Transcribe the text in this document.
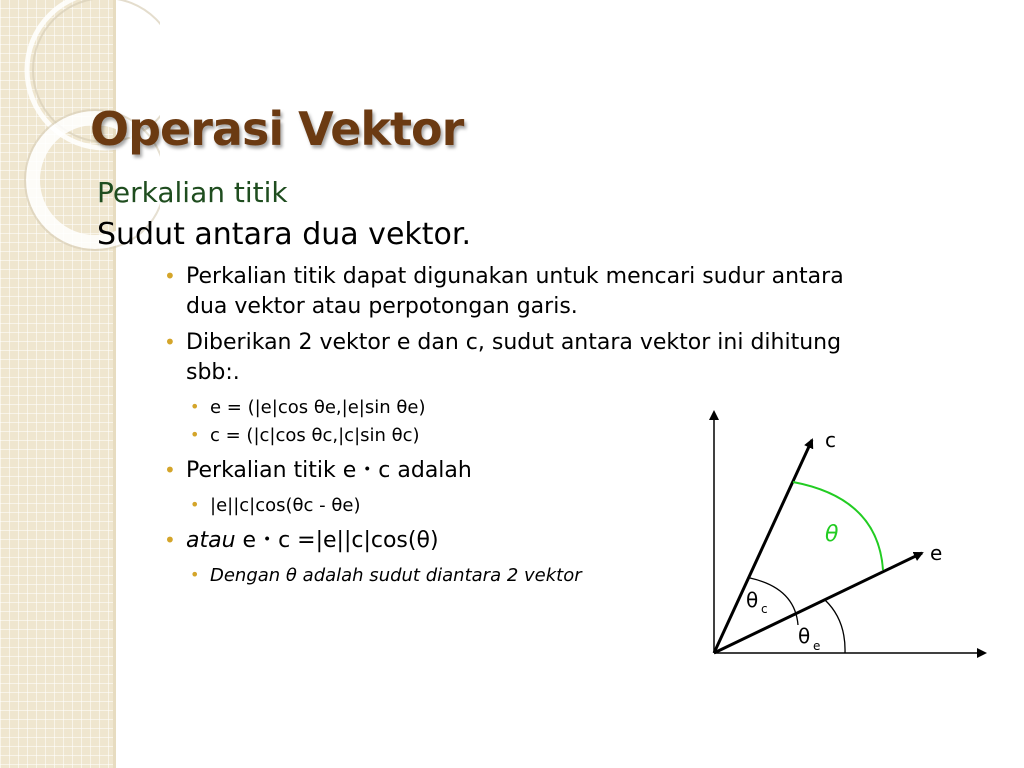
Operasi Vektor
Perkalian titik
Sudut antara dua vektor.
• Perkalian titik dapat digunakan untuk mencari sudur antara dua vektor atau perpotongan garis.
• Diberikan 2 vektor e dan c, sudut antara vektor ini dihitung sbb:.
• e = (|e|cos θe,|e|sin θe)
• c = (|c|cos θc,|c|sin θc)
• Perkalian titik e・c adalah
• |e||c|cos(θc - θe)
• atau e・c =|e||c|cos(θ)
• Dengan θ adalah sudut diantara 2 vektor
c
e
θ
θ c
θ e
